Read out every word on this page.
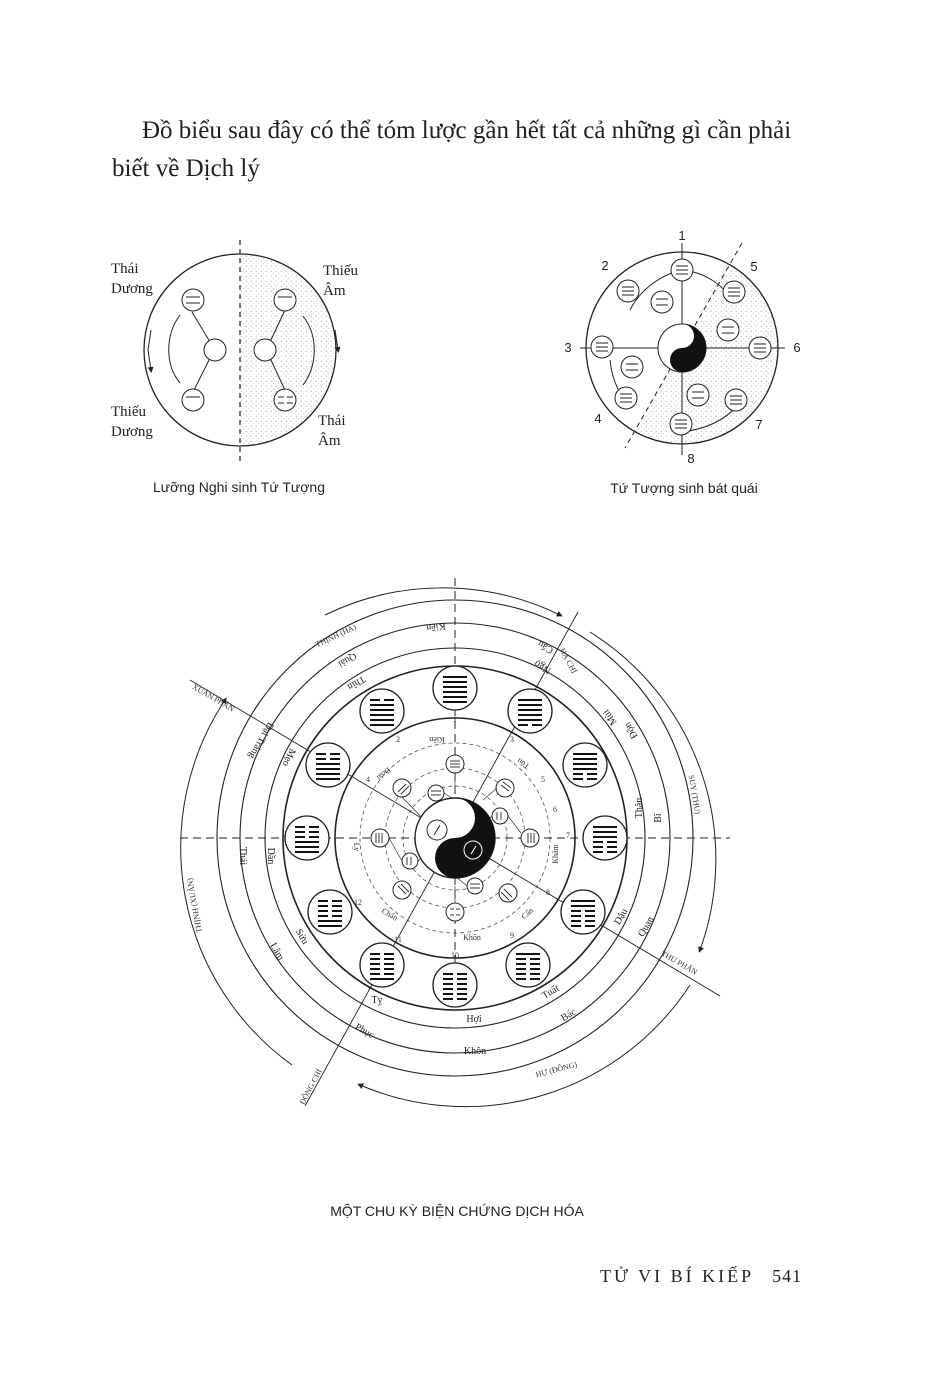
Đồ biểu sau đây có thể tóm lược gần hết tất cả những gì cần phải biết về Dịch lý

Thái
Dương
Thiếu
Âm
Thiếu
Dương
Thái
Âm
Lưỡng Nghi sinh Tứ Tượng
1
2
3
4
5
6
7
8
Tứ Tượng sinh bát quái
THỊNH (HẠ)
HẠ CHÍ
SUY (THU)
THU PHÂN
HƯ (ĐÔNG)
ĐÔNG CHÍ
THỊNH (XUÂN)
XUÂN PHÂN
Kiền
Cấu
Độn
Bĩ
Quan
Bác
Khôn
Phục
Lâm
Thái
Đại Tráng
Quải
Tỵ
Ngọ
Mùi
Thân
Dậu
Tuất
Hợi
Sửu
Dần
Mẹo
Thìn
Kiền
Tốn
Khảm
Cấn
Khôn
Chấn
Ly
Đoài
1
2	3
4	5
6
7
8
9
10
11
12
MỘT CHU KỲ BIỆN CHỨNG DỊCH HÓA
TỬ VI BÍ KIẾP 541
